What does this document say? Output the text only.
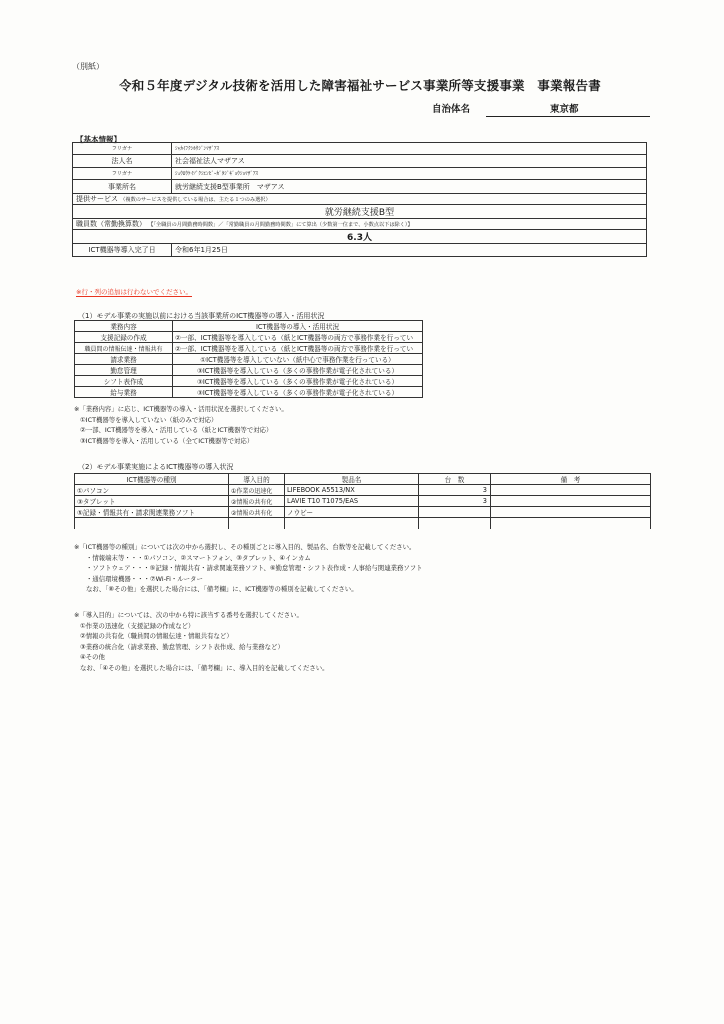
（別紙）
令和５年度デジタル技術を活用した障害福祉サービス事業所等支援事業　事業報告書
自治体名	東京都
【基本情報】
フリガナ	ｼｬｶｲﾌｸｼﾎｳｼﾞﾝﾏｻﾞｱｽ
法人名	社会福祉法人マザアス
フリガナ	ｼｭｳﾛｳｹｲｿﾞｸｼｴﾝﾋﾞｰｶﾞﾀｼﾞｷﾞｮｳｼｮﾏｻﾞｱｽ
事業所名	就労継続支援B型事業所　マザアス
提供サービス （複数のサービスを提供している場合は、主たる１つのみ選択）	
就労継続支援B型	
職員数（常勤換算数） 【「全職員の月間勤務時間数」／「常勤職員の月間勤務時間数」にて算出（少数第一位まで、小数点以下は除く）】	
6.3人	
ICT機器等導入完了日	令和6年1月25日
※行・列の追加は行わないでください。
（1）モデル事業の実施以前における当該事業所のICT機器等の導入・活用状況
業務内容	ICT機器等の導入・活用状況
支援記録の作成	②一部、ICT機器等を導入している（紙とICT機器等の両方で事務作業を行ってい
職員間の情報伝達・情報共有	②一部、ICT機器等を導入している（紙とICT機器等の両方で事務作業を行ってい
請求業務	①ICT機器等を導入していない（紙中心で事務作業を行っている）
勤怠管理	③ICT機器等を導入している（多くの事務作業が電子化されている）
シフト表作成	③ICT機器等を導入している（多くの事務作業が電子化されている）
給与業務	③ICT機器等を導入している（多くの事務作業が電子化されている）
※「業務内容」に応じ、ICT機器等の導入・活用状況を選択してください。
①ICT機器等を導入していない（紙のみで対応）
②一部、ICT機器等を導入・活用している（紙とICT機器等で対応）
③ICT機器等を導入・活用している（全てICT機器等で対応）
（2）モデル事業実施によるICT機器等の導入状況
ICT機器等の種別	導入目的	製品名	台　数	備　考
①パソコン	①作業の迅速化	LIFEBOOK A5513/NX	3	
③タブレット	②情報の共有化	LAVIE T10 T1075/EAS	3	
⑤記録・情報共有・請求関連業務ソフト	②情報の共有化	ノウビー		

※「ICT機器等の種別」については次の中から選択し、その種別ごとに導入目的、製品名、台数等を記載してください。
・情報端末等・・・①パソコン、②スマートフォン、③タブレット、④インカム
・ソフトウェア・・・⑤記録・情報共有・請求関連業務ソフト、⑥勤怠管理・シフト表作成・人事給与関連業務ソフト
・通信環境機器・・・⑦Wi-Fi・ルーター
なお、「⑧その他」を選択した場合には、「備考欄」に、ICT機器等の種別を記載してください。
※「導入目的」については、次の中から特に該当する番号を選択してください。
①作業の迅速化（支援記録の作成など）
②情報の共有化（職員間の情報伝達・情報共有など）
③業務の統合化（請求業務、勤怠管理、シフト表作成、給与業務など）
④その他
なお、「④その他」を選択した場合には、「備考欄」に、導入目的を記載してください。
